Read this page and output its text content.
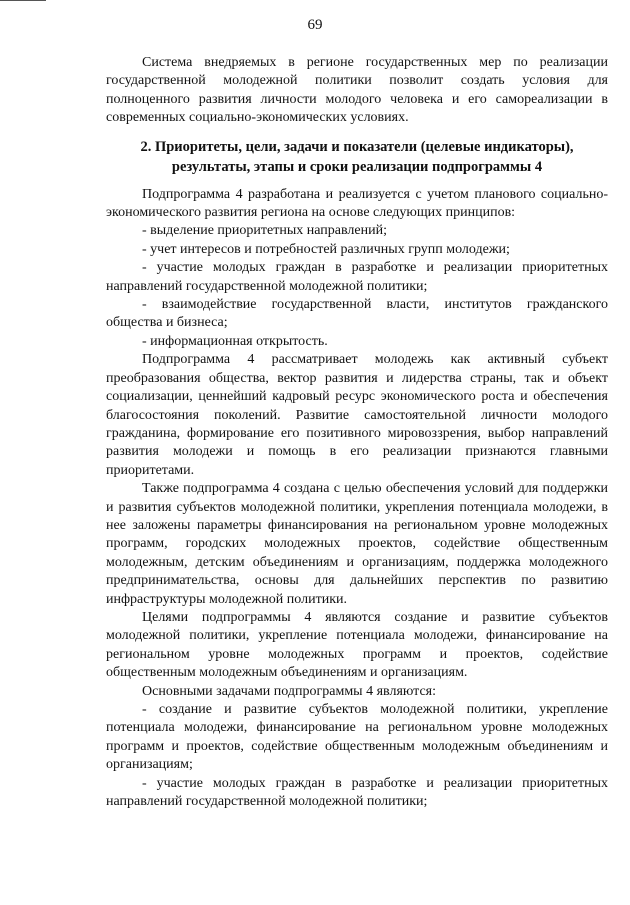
69

Система внедряемых в регионе государственных мер по реализации государственной молодежной политики позволит создать условия для полноценного развития личности молодого человека и его самореализации в современных социально-экономических условиях.

2. Приоритеты, цели, задачи и показатели (целевые индикаторы),
результаты, этапы и сроки реализации подпрограммы 4

Подпрограмма 4 разработана и реализуется с учетом планового социально-экономического развития региона на основе следующих принципов:

- выделение приоритетных направлений;

- учет интересов и потребностей различных групп молодежи;

- участие молодых граждан в разработке и реализации приоритетных направлений государственной молодежной политики;

- взаимодействие государственной власти, институтов гражданского общества и бизнеса;

- информационная открытость.

Подпрограмма 4 рассматривает молодежь как активный субъект преобразования общества, вектор развития и лидерства страны, так и объект социализации, ценнейший кадровый ресурс экономического роста и обеспечения благосостояния поколений. Развитие самостоятельной личности молодого гражданина, формирование его позитивного мировоззрения, выбор направлений развития молодежи и помощь в его реализации признаются главными приоритетами.

Также подпрограмма 4 создана с целью обеспечения условий для поддержки и развития субъектов молодежной политики, укрепления потенциала молодежи, в нее заложены параметры финансирования на региональном уровне молодежных программ, городских молодежных проектов, содействие общественным молодежным, детским объединениям и организациям, поддержка молодежного предпринимательства, основы для дальнейших перспектив по развитию инфраструктуры молодежной политики.

Целями подпрограммы 4 являются создание и развитие субъектов молодежной политики, укрепление потенциала молодежи, финансирование на региональном уровне молодежных программ и проектов, содействие общественным молодежным объединениям и организациям.

Основными задачами подпрограммы 4 являются:

- создание и развитие субъектов молодежной политики, укрепление потенциала молодежи, финансирование на региональном уровне молодежных программ и проектов, содействие общественным молодежным объединениям и организациям;

- участие молодых граждан в разработке и реализации приоритетных направлений государственной молодежной политики;
